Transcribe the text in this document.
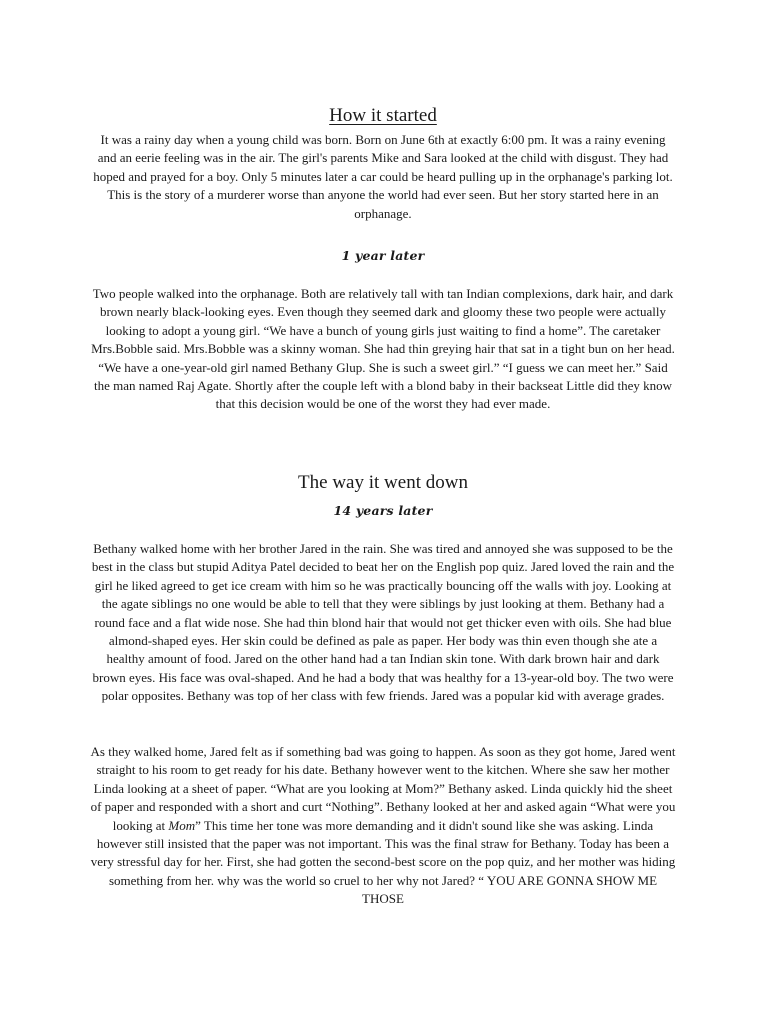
How it started

It was a rainy day when a young child was born. Born on June 6th at exactly 6:00 pm. It was a rainy evening and an eerie feeling was in the air. The girl's parents Mike and Sara looked at the child with disgust. They had hoped and prayed for a boy. Only 5 minutes later a car could be heard pulling up in the orphanage's parking lot. This is the story of a murderer worse than anyone the world had ever seen. But her story started here in an orphanage.

1 year later

Two people walked into the orphanage. Both are relatively tall with tan Indian complexions, dark hair, and dark brown nearly black-looking eyes. Even though they seemed dark and gloomy these two people were actually looking to adopt a young girl. “We have a bunch of young girls just waiting to find a home”. The caretaker Mrs.Bobble said. Mrs.Bobble was a skinny woman. She had thin greying hair that sat in a tight bun on her head. “We have a one-year-old girl named Bethany Glup. She is such a sweet girl.” “I guess we can meet her.” Said the man named Raj Agate. Shortly after the couple left with a blond baby in their backseat Little did they know that this decision would be one of the worst they had ever made.

The way it went down
14 years later

Bethany walked home with her brother Jared in the rain. She was tired and annoyed she was supposed to be the best in the class but stupid Aditya Patel decided to beat her on the English pop quiz. Jared loved the rain and the girl he liked agreed to get ice cream with him so he was practically bouncing off the walls with joy. Looking at the agate siblings no one would be able to tell that they were siblings by just looking at them. Bethany had a round face and a flat wide nose. She had thin blond hair that would not get thicker even with oils. She had blue almond-shaped eyes. Her skin could be defined as pale as paper. Her body was thin even though she ate a healthy amount of food. Jared on the other hand had a tan Indian skin tone. With dark brown hair and dark brown eyes. His face was oval-shaped. And he had a body that was healthy for a 13-year-old boy. The two were polar opposites. Bethany was top of her class with few friends. Jared was a popular kid with average grades.

As they walked home, Jared felt as if something bad was going to happen. As soon as they got home, Jared went straight to his room to get ready for his date. Bethany however went to the kitchen. Where she saw her mother Linda looking at a sheet of paper. “What are you looking at Mom?” Bethany asked. Linda quickly hid the sheet of paper and responded with a short and curt “Nothing”. Bethany looked at her and asked again “What were you looking at Mom” This time her tone was more demanding and it didn't sound like she was asking. Linda however still insisted that the paper was not important. This was the final straw for Bethany. Today has been a very stressful day for her. First, she had gotten the second-best score on the pop quiz, and her mother was hiding something from her. why was the world so cruel to her why not Jared? “ YOU ARE GONNA SHOW ME THOSE
